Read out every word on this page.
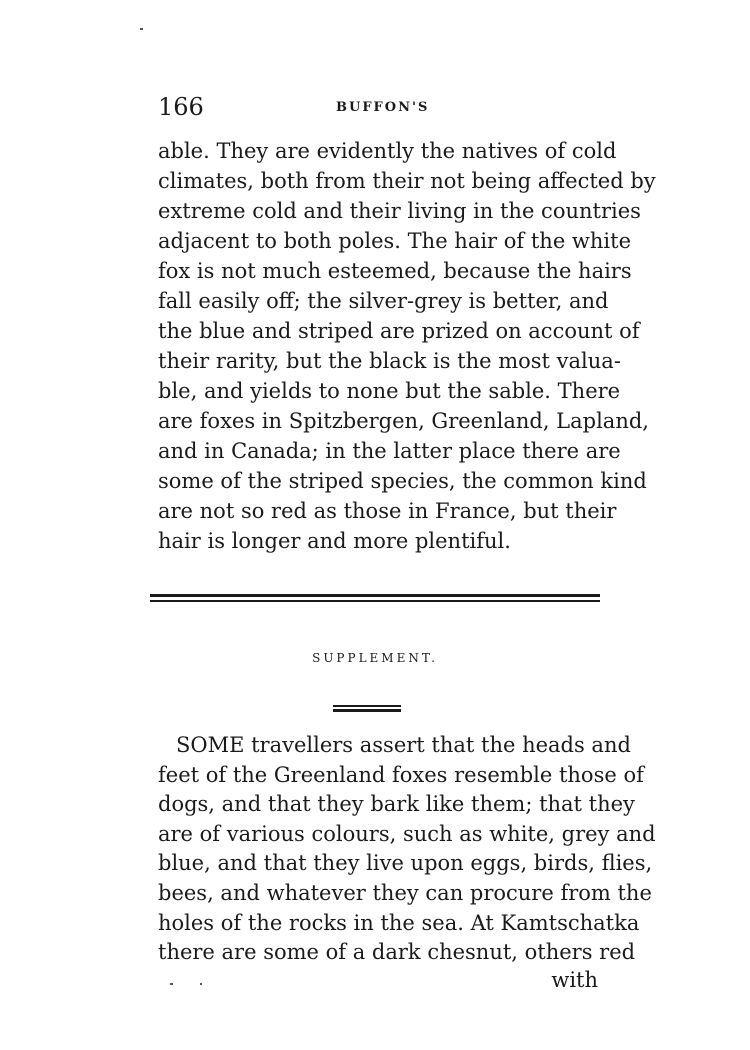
166	BUFFON'S
able. They are evidently the natives of cold
climates, both from their not being affected by
extreme cold and their living in the countries
adjacent to both poles. The hair of the white
fox is not much esteemed, because the hairs
fall easily off; the silver-grey is better, and
the blue and striped are prized on account of
their rarity, but the black is the most valua-
ble, and yields to none but the sable. There
are foxes in Spitzbergen, Greenland, Lapland,
and in Canada; in the latter place there are
some of the striped species, the common kind
are not so red as those in France, but their
hair is longer and more plentiful.
SUPPLEMENT.
SOME travellers assert that the heads and
feet of the Greenland foxes resemble those of
dogs, and that they bark like them; that they
are of various colours, such as white, grey and
blue, and that they live upon eggs, birds, flies,
bees, and whatever they can procure from the
holes of the rocks in the sea. At Kamtschatka
there are some of a dark chesnut, others red
with
